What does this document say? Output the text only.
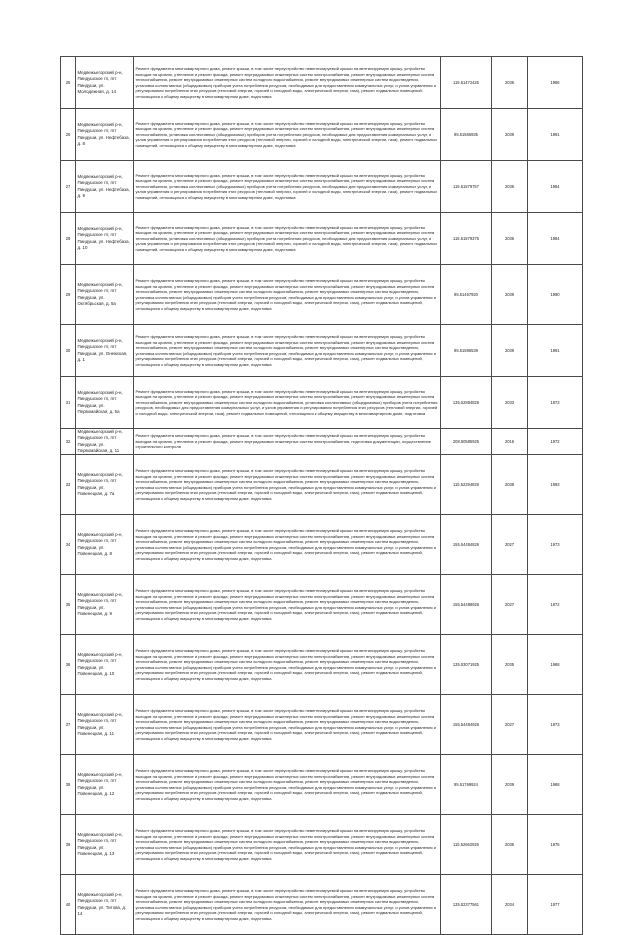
25	Медвежьегорский р-н, Пиндушское гп, пгт Пиндуши, ул. Молодежная, д. 14	Ремонт фундамента многоквартирного дома, ремонт крыши, в том числе переустройство невентилируемой крыши на вентилируемую крышу, устройство выходов на кровлю, утепление и ремонт фасада, ремонт внутридомовых инженерных систем электроснабжения, ремонт внутридомовых инженерных систем теплоснабжения, ремонт внутридомовых инженерных систем холодного водоснабжения, ремонт внутридомовых инженерных систем водоотведения, установка коллективных (общедомовых) приборов учета потребления ресурсов, необходимых для предоставления коммунальных услуг, и узлов управления и регулирования потребления этих ресурсов (тепловой энергии, горячей и холодной воды, электрической энергии, газа), ремонт подвальных помещений, относящихся к общему имуществу в многоквартирном доме, подготовка	115.51472426	2036	1986
26	Медвежьегорский р-н, Пиндушское гп, пгт Пиндуши, ул. Нефтебаза, д. 8	Ремонт фундамента многоквартирного дома, ремонт крыши, в том числе переустройство невентилируемой крыши на вентилируемую крышу, устройство выходов на кровлю, утепление и ремонт фасада, ремонт внутридомовых инженерных систем электроснабжения, ремонт внутридомовых инженерных систем теплоснабжения, установка коллективных (общедомовых) приборов учета потребления ресурсов, необходимых для предоставления коммунальных услуг, и узлов управления и регулирования потребления этих ресурсов (тепловой энергии, горячей и холодной воды, электрической энергии, газа), ремонт подвальных помещений, относящихся к общему имуществу в многоквартирном доме, подготовка	95.51566935	2039	1991
27	Медвежьегорский р-н, Пиндушское гп, пгт Пиндуши, ул. Нефтебаза, д. 9	Ремонт фундамента многоквартирного дома, ремонт крыши, в том числе переустройство невентилируемой крыши на вентилируемую крышу, устройство выходов на кровлю, утепление и ремонт фасада, ремонт внутридомовых инженерных систем электроснабжения, ремонт внутридомовых инженерных систем теплоснабжения, установка коллективных (общедомовых) приборов учета потребления ресурсов, необходимых для предоставления коммунальных услуг, и узлов управления и регулирования потребления этих ресурсов (тепловой энергии, горячей и холодной воды, электрической энергии, газа), ремонт подвальных помещений, относящихся к общему имуществу в многоквартирном доме, подготовка	115.51579757	2036	1984
28	Медвежьегорский р-н, Пиндушское гп, пгт Пиндуши, ул. Нефтебаза, д. 10	Ремонт фундамента многоквартирного дома, ремонт крыши, в том числе переустройство невентилируемой крыши на вентилируемую крышу, устройство выходов на кровлю, утепление и ремонт фасада, ремонт внутридомовых инженерных систем электроснабжения, ремонт внутридомовых инженерных систем теплоснабжения, установка коллективных (общедомовых) приборов учета потребления ресурсов, необходимых для предоставления коммунальных услуг, и узлов управления и регулирования потребления этих ресурсов (тепловой энергии, горячей и холодной воды, электрической энергии, газа), ремонт подвальных помещений, относящихся к общему имуществу в многоквартирном доме, подготовка	115.51579375	2036	1984
29	Медвежьегорский р-н, Пиндушское гп, пгт Пиндуши, ул. Октябрьская, д. 5а	Ремонт фундамента многоквартирного дома, ремонт крыши, в том числе переустройство невентилируемой крыши на вентилируемую крышу, устройство выходов на кровлю, утепление и ремонт фасада, ремонт внутридомовых инженерных систем электроснабжения, ремонт внутридомовых инженерных систем теплоснабжения, ремонт внутридомовых инженерных систем холодного водоснабжения, ремонт внутридомовых инженерных систем водоотведения, установка коллективных (общедомовых) приборов учета потребления ресурсов, необходимых для предоставления коммунальных услуг, и узлов управления и регулирования потребления этих ресурсов (тепловой энергии, горячей и холодной воды, электрической энергии, газа), ремонт подвальных помещений, относящихся к общему имуществу в многоквартирном доме, подготовка	95.51467920	2039	1990
30	Медвежьегорский р-н, Пиндушское гп, пгт Пиндуши, ул. Онежская, д. 1	Ремонт фундамента многоквартирного дома, ремонт крыши, в том числе переустройство невентилируемой крыши на вентилируемую крышу, устройство выходов на кровлю, утепление и ремонт фасада, ремонт внутридомовых инженерных систем электроснабжения, ремонт внутридомовых инженерных систем теплоснабжения, ремонт внутридомовых инженерных систем холодного водоснабжения, ремонт внутридомовых инженерных систем водоотведения, установка коллективных (общедомовых) приборов учета потребления ресурсов, необходимых для предоставления коммунальных услуг, и узлов управления и регулирования потребления этих ресурсов (тепловой энергии, горячей и холодной воды, электрической энергии, газа), ремонт подвальных помещений, относящихся к общему имуществу в многоквартирном доме, подготовка	95.51596539	2039	1991
31	Медвежьегорский р-н, Пиндушское гп, пгт Пиндуши, ул. Первомайская, д. 5а	Ремонт фундамента многоквартирного дома, ремонт крыши, в том числе переустройство невентилируемой крыши на вентилируемую крышу, устройство выходов на кровлю, утепление и ремонт фасада, ремонт внутридомовых инженерных систем электроснабжения, ремонт внутридомовых инженерных систем теплоснабжения, ремонт внутридомовых инженерных систем холодного водоснабжения, установка коллективных (общедомовых) приборов учета потребления ресурсов, необходимых для предоставления коммунальных услуг, и узлов управления и регулирования потребления этих ресурсов (тепловой энергии, горячей и холодной воды, электрической энергии, газа), ремонт подвальных помещений, относящихся к общему имуществу в многоквартирном доме, подготовка	135.52884826	2033	1973
32	Медвежьегорский р-н, Пиндушское гп, пгт Пиндуши, ул. Первомайская, д. 11	Ремонт фундамента многоквартирного дома, ремонт крыши, в том числе переустройство невентилируемой крыши на вентилируемую крышу, устройство выходов на кровлю, утепление и ремонт фасада, ремонт внутридомовых инженерных систем электроснабжения, подготовка документации, осуществление строительного контроля	208.50585925	2016	1972
33	Медвежьегорский р-н, Пиндушское гп, пгт Пиндуши, ул. Повенецкая, д. 7а	Ремонт фундамента многоквартирного дома, ремонт крыши, в том числе переустройство невентилируемой крыши на вентилируемую крышу, устройство выходов на кровлю, утепление и ремонт фасада, ремонт внутридомовых инженерных систем электроснабжения, ремонт внутридомовых инженерных систем теплоснабжения, ремонт внутридомовых инженерных систем холодного водоснабжения, ремонт внутридомовых инженерных систем водоотведения, установка коллективных (общедомовых) приборов учета потребления ресурсов, необходимых для предоставления коммунальных услуг, и узлов управления и регулирования потребления этих ресурсов (тепловой энергии, горячей и холодной воды, электрической энергии, газа), ремонт подвальных помещений, относящихся к общему имуществу в многоквартирном доме, подготовка	115.52294828	2038	1993
34	Медвежьегорский р-н, Пиндушское гп, пгт Пиндуши, ул. Повенецкая, д. 8	Ремонт фундамента многоквартирного дома, ремонт крыши, в том числе переустройство невентилируемой крыши на вентилируемую крышу, устройство выходов на кровлю, утепление и ремонт фасада, ремонт внутридомовых инженерных систем электроснабжения, ремонт внутридомовых инженерных систем теплоснабжения, ремонт внутридомовых инженерных систем холодного водоснабжения, ремонт внутридомовых инженерных систем водоотведения, установка коллективных (общедомовых) приборов учета потребления ресурсов, необходимых для предоставления коммунальных услуг, и узлов управления и регулирования потребления этих ресурсов (тепловой энергии, горячей и холодной воды, электрической энергии, газа), ремонт подвальных помещений, относящихся к общему имуществу в многоквартирном доме, подготовка	155.54484826	2027	1973
35	Медвежьегорский р-н, Пиндушское гп, пгт Пиндуши, ул. Повенецкая, д. 9	Ремонт фундамента многоквартирного дома, ремонт крыши, в том числе переустройство невентилируемой крыши на вентилируемую крышу, устройство выходов на кровлю, утепление и ремонт фасада, ремонт внутридомовых инженерных систем электроснабжения, ремонт внутридомовых инженерных систем теплоснабжения, ремонт внутридомовых инженерных систем холодного водоснабжения, ремонт внутридомовых инженерных систем водоотведения, установка коллективных (общедомовых) приборов учета потребления ресурсов, необходимых для предоставления коммунальных услуг, и узлов управления и регулирования потребления этих ресурсов (тепловой энергии, горячей и холодной воды, электрической энергии, газа), ремонт подвальных помещений, относящихся к общему имуществу в многоквартирном доме, подготовка	155.54488926	2027	1972
36	Медвежьегорский р-н, Пиндушское гп, пгт Пиндуши, ул. Повенецкая, д. 10	Ремонт фундамента многоквартирного дома, ремонт крыши, в том числе переустройство невентилируемой крыши на вентилируемую крышу, устройство выходов на кровлю, утепление и ремонт фасада, ремонт внутридомовых инженерных систем электроснабжения, ремонт внутридомовых инженерных систем теплоснабжения, ремонт внутридомовых инженерных систем холодного водоснабжения, ремонт внутридомовых инженерных систем водоотведения, установка коллективных (общедомовых) приборов учета потребления ресурсов, необходимых для предоставления коммунальных услуг, и узлов управления и регулирования потребления этих ресурсов (тепловой энергии, горячей и холодной воды, электрической энергии, газа), ремонт подвальных помещений, относящихся к общему имуществу в многоквартирном доме, подготовка	135.53071925	2035	1988
37	Медвежьегорский р-н, Пиндушское гп, пгт Пиндуши, ул. Повенецкая, д. 11	Ремонт фундамента многоквартирного дома, ремонт крыши, в том числе переустройство невентилируемой крыши на вентилируемую крышу, устройство выходов на кровлю, утепление и ремонт фасада, ремонт внутридомовых инженерных систем электроснабжения, ремонт внутридомовых инженерных систем теплоснабжения, ремонт внутридомовых инженерных систем холодного водоснабжения, ремонт внутридомовых инженерных систем водоотведения, установка коллективных (общедомовых) приборов учета потребления ресурсов, необходимых для предоставления коммунальных услуг, и узлов управления и регулирования потребления этих ресурсов (тепловой энергии, горячей и холодной воды, электрической энергии, газа), ремонт подвальных помещений, относящихся к общему имуществу в многоквартирном доме, подготовка	155.54484926	2027	1973
38	Медвежьегорский р-н, Пиндушское гп, пгт Пиндуши, ул. Повенецкая, д. 12	Ремонт фундамента многоквартирного дома, ремонт крыши, в том числе переустройство невентилируемой крыши на вентилируемую крышу, устройство выходов на кровлю, утепление и ремонт фасада, ремонт внутридомовых инженерных систем электроснабжения, ремонт внутридомовых инженерных систем теплоснабжения, ремонт внутридомовых инженерных систем холодного водоснабжения, ремонт внутридомовых инженерных систем водоотведения, установка коллективных (общедомовых) приборов учета потребления ресурсов, необходимых для предоставления коммунальных услуг, и узлов управления и регулирования потребления этих ресурсов (тепловой энергии, горячей и холодной воды, электрической энергии, газа), ремонт подвальных помещений, относящихся к общему имуществу в многоквартирном доме, подготовка	95.51769924	2039	1988
39	Медвежьегорский р-н, Пиндушское гп, пгт Пиндуши, ул. Повенецкая, д. 13	Ремонт фундамента многоквартирного дома, ремонт крыши, в том числе переустройство невентилируемой крыши на вентилируемую крышу, устройство выходов на кровлю, утепление и ремонт фасада, ремонт внутридомовых инженерных систем электроснабжения, ремонт внутридомовых инженерных систем теплоснабжения, ремонт внутридомовых инженерных систем холодного водоснабжения, ремонт внутридомовых инженерных систем водоотведения, установка коллективных (общедомовых) приборов учета потребления ресурсов, необходимых для предоставления коммунальных услуг, и узлов управления и регулирования потребления этих ресурсов (тепловой энергии, горячей и холодной воды, электрической энергии, газа), ремонт подвальных помещений, относящихся к общему имуществу в многоквартирном доме, подготовка	115.52662926	2036	1975
40	Медвежьегорский р-н, Пиндушское гп, пгт Пиндуши, ул. Титова, д. 14	Ремонт фундамента многоквартирного дома, ремонт крыши, в том числе переустройство невентилируемой крыши на вентилируемую крышу, устройство выходов на кровлю, утепление и ремонт фасада, ремонт внутридомовых инженерных систем электроснабжения, ремонт внутридомовых инженерных систем теплоснабжения, ремонт внутридомовых инженерных систем холодного водоснабжения, ремонт внутридомовых инженерных систем водоотведения, установка коллективных (общедомовых) приборов учета потребления ресурсов, необходимых для предоставления коммунальных услуг, и узлов управления и регулирования потребления этих ресурсов (тепловой энергии, горячей и холодной воды, электрической энергии, газа), ремонт подвальных помещений, относящихся к общему имуществу в многоквартирном доме, подготовка	135.52377561	2034	1977
